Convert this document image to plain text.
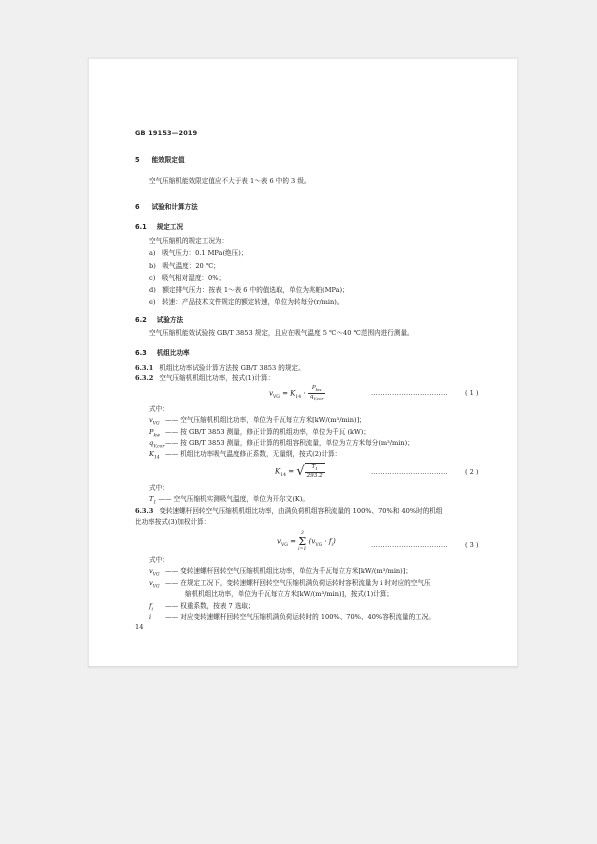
GB 19153—2019
5 能效限定值
空气压缩机能效限定值应不大于表 1～表 6 中的 3 级。
6 试验和计算方法
6.1 规定工况
空气压缩机的规定工况为：
a)　吸气压力：0.1 MPa(绝压)；
b)　吸气温度：20 ℃；
c)　吸气相对湿度：0%；
d)　额定排气压力：按表 1～表 6 中的值选取，单位为兆帕(MPa)；
e)　转速：产品技术文件规定的额定转速，单位为转每分(r/min)。
6.2 试验方法
空气压缩机能效试验按 GB/T 3853 规定，且应在吸气温度 5 ℃～40 ℃范围内进行测量。
6.3 机组比功率
6.3.1 机组比功率试验计算方法按 GB/T 3853 的规定。
6.3.2 空气压缩机机组比功率，按式(1)计算：
$v_{VG} = K_{14} \cdot \frac{P_{kw}}{q_{V,cor}}$	……………………………	( 1 )
式中：
$v_{VG}$ —— 空气压缩机机组比功率，单位为千瓦每立方米[kW/(m³/min)]；
$P_{kw}$ —— 按 GB/T 3853 测量，修正计算的机组功率，单位为千瓦 (kW)；
$q_{V,cor}——$ 按 GB/T 3853 测量，修正计算的机组容积流量，单位为立方米每分(m³/min)；
$K_{14}$ —— 机组比功率吸气温度修正系数，无量纲，按式(2)计算：
$K_{14}$ = √ $\frac{T_1}{293.2}$	……………………………	( 2 )
式中：
$T_1$ —— 空气压缩机实测吸气温度，单位为开尔文(K)。
6.3.3 变转速螺杆回转空气压缩机机组比功率，由满负荷机组容积流量的 100%、70%和 40%时的机组
比功率按式(3)加权计算：
$v_{VG} = 3$
Σ
i=1 $(v_{VG} \cdot f_i)$	……………………………	( 3 )
式中：
$v_{VG}$ —— 变转速螺杆回转空气压缩机机组比功率，单位为千瓦每立方米[kW/(m³/min)]；
$v_{VG}$ —— 在规定工况下，变转速螺杆回转空气压缩机满负荷运转时容积流量为 i 时对应的空气压
缩机机组比功率，单位为千瓦每立方米[kW/(m³/min)]，按式(1)计算；
$f_i$ —— 权重系数，按表 7 选取；
i —— 对应变转速螺杆回转空气压缩机满负荷运转时的 100%、70%、40%容积流量的工况。
14
